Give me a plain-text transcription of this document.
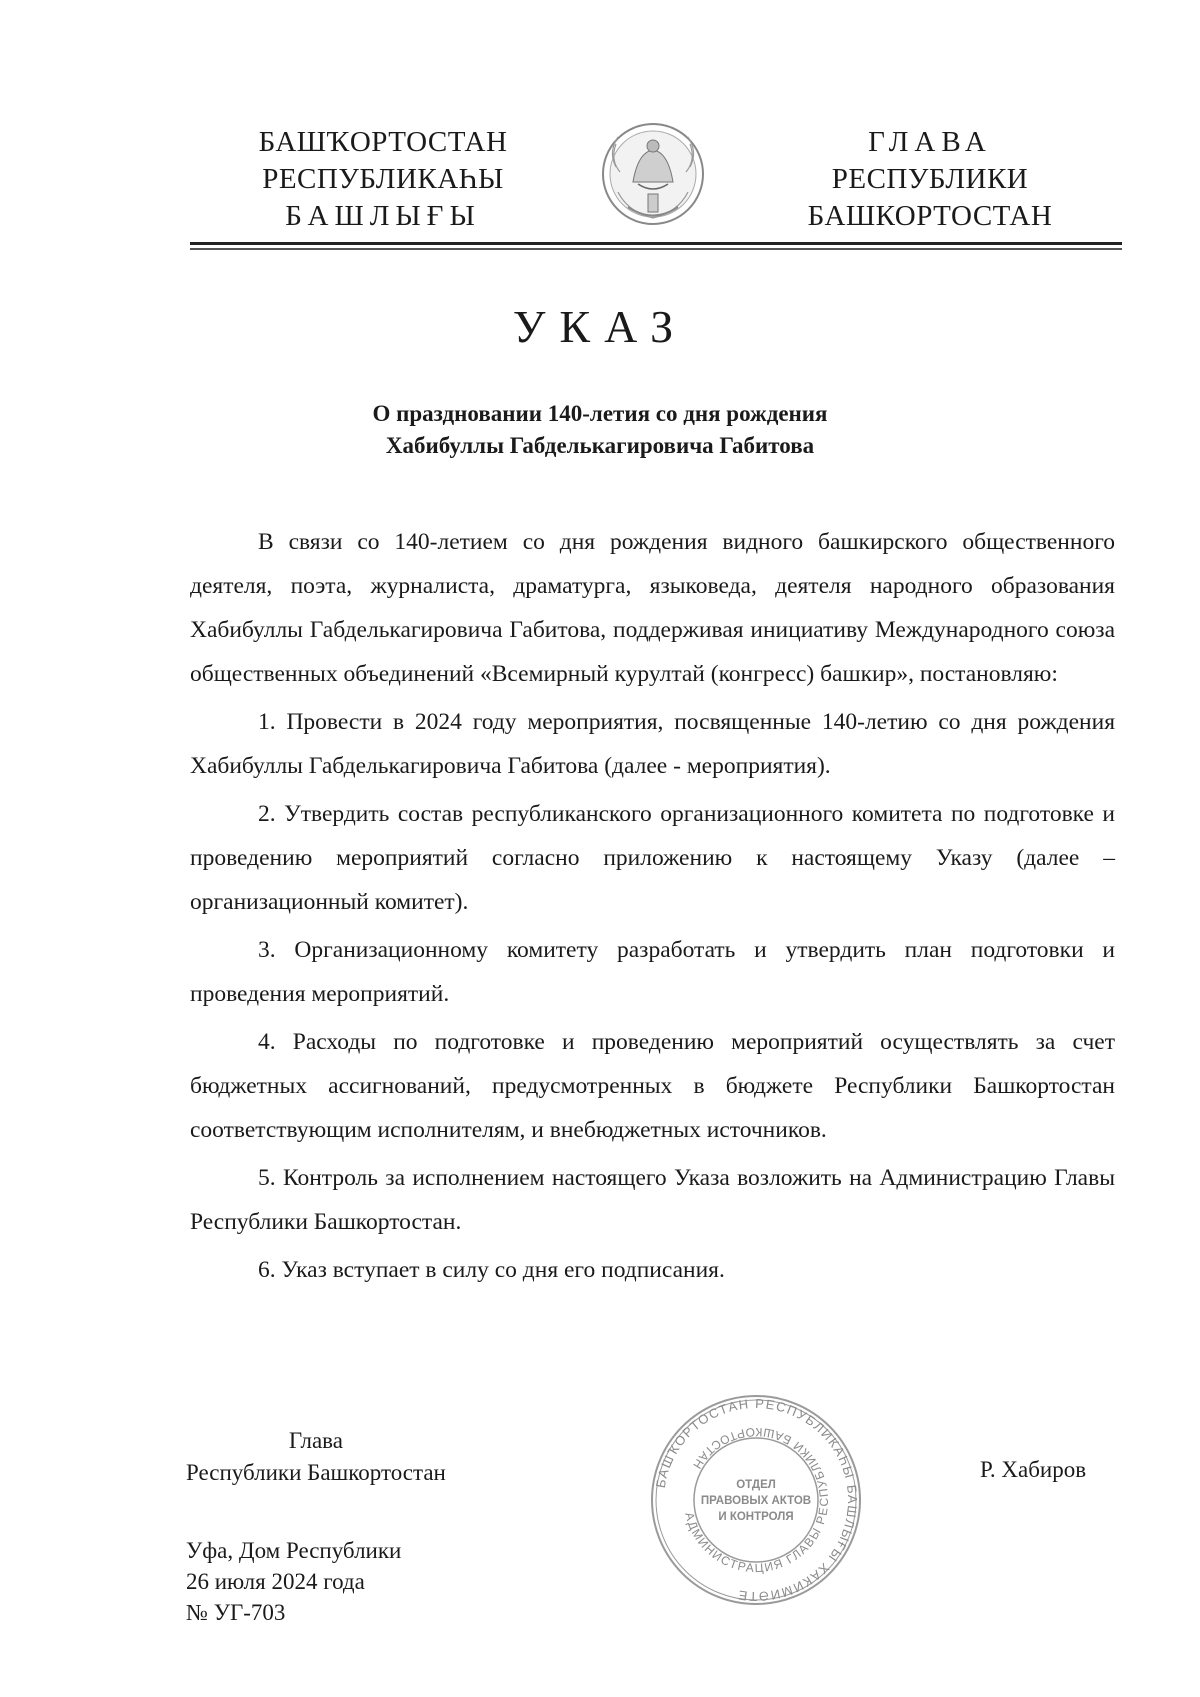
БАШҠОРТОСТАН
РЕСПУБЛИКАҺЫ
БАШЛЫҒЫ
ГЛАВА
РЕСПУБЛИКИ
БАШКОРТОСТАН
УКАЗ
О праздновании 140-летия со дня рождения
Хабибуллы Габделькагировича Габитова

В связи со 140-летием со дня рождения видного башкирского общественного деятеля, поэта, журналиста, драматурга, языковеда, деятеля народного образования Хабибуллы Габделькагировича Габитова, поддерживая инициативу Международного союза общественных объединений «Всемирный курултай (конгресс) башкир», постановляю:

1. Провести в 2024 году мероприятия, посвященные 140-летию со дня рождения Хабибуллы Габделькагировича Габитова (далее - мероприятия).

2. Утвердить состав республиканского организационного комитета по подготовке и проведению мероприятий согласно приложению к настоящему Указу (далее – организационный комитет).

3. Организационному комитету разработать и утвердить план подготовки и проведения мероприятий.

4. Расходы по подготовке и проведению мероприятий осуществлять за счет бюджетных ассигнований, предусмотренных в бюджете Республики Башкортостан соответствующим исполнителям, и внебюджетных источников.

5. Контроль за исполнением настоящего Указа возложить на Администрацию Главы Республики Башкортостан.

6. Указ вступает в силу со дня его подписания.

Глава
Республики Башкортостан	БАШҠОРТОСТАН РЕСПУБЛИКАҺЫ БАШЛЫҒЫ ХАКИМИӘТЕ
АДМИНИСТРАЦИЯ ГЛАВЫ РЕСПУБЛИКИ БАШКОРТОСТАН
ОТДЕЛ
ПРАВОВЫХ АКТОВ
И КОНТРОЛЯ
Р. Хабиров
Уфа, Дом Республики
26 июля 2024 года
№ УГ-703
